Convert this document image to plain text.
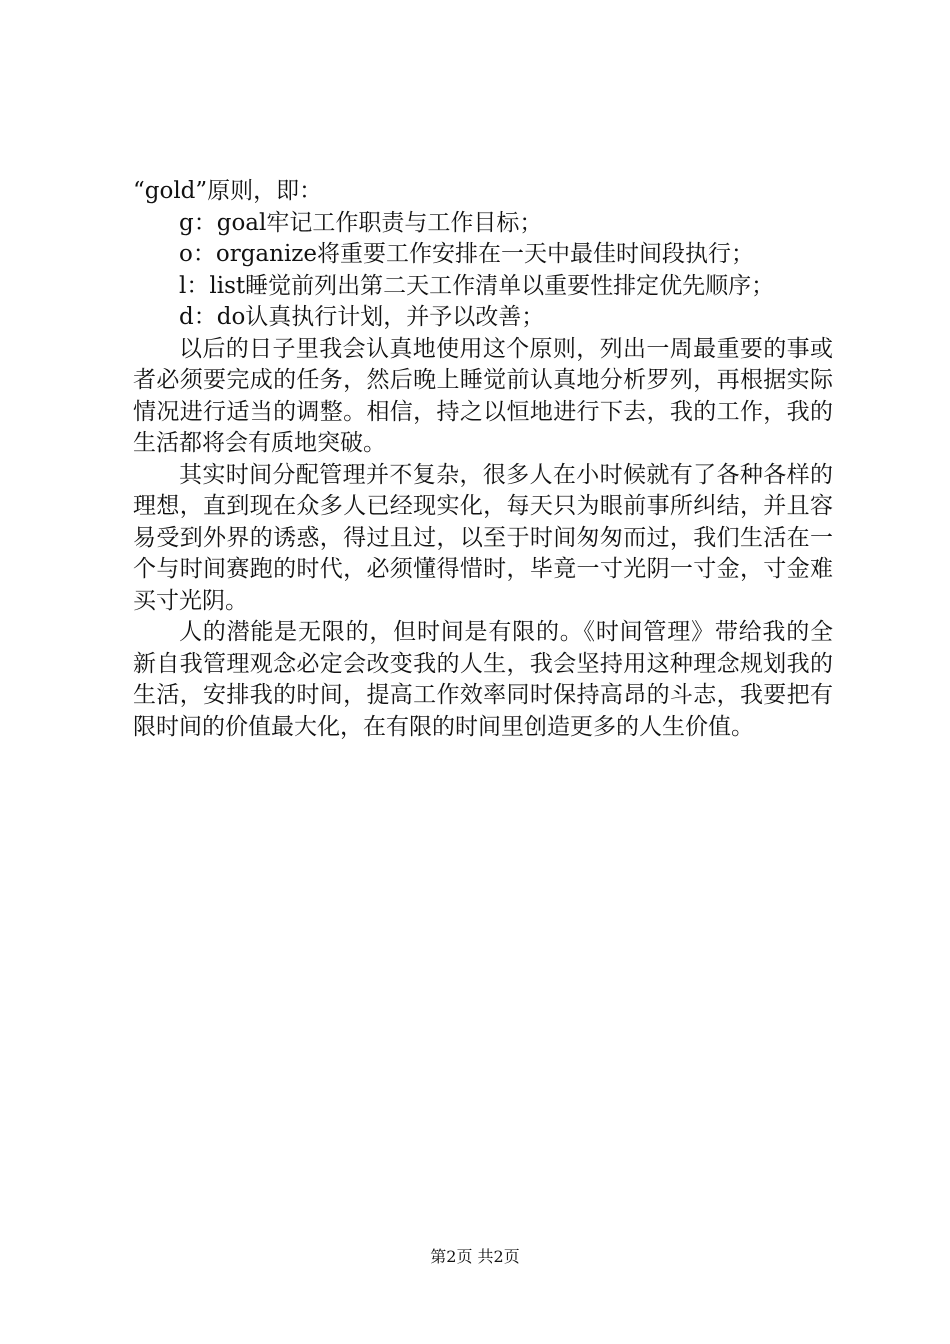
“gold”原则，即：

g：goal牢记工作职责与工作目标；

o：organize将重要工作安排在一天中最佳时间段执行；

l：list睡觉前列出第二天工作清单以重要性排定优先顺序；

d：do认真执行计划，并予以改善；

以后的日子里我会认真地使用这个原则，列出一周最重要的事或者必须要完成的任务，然后晚上睡觉前认真地分析罗列，再根据实际情况进行适当的调整。相信，持之以恒地进行下去，我的工作，我的生活都将会有质地突破。

其实时间分配管理并不复杂，很多人在小时候就有了各种各样的理想，直到现在众多人已经现实化，每天只为眼前事所纠结，并且容易受到外界的诱惑，得过且过，以至于时间匆匆而过，我们生活在一个与时间赛跑的时代，必须懂得惜时，毕竟一寸光阴一寸金，寸金难买寸光阴。

人的潜能是无限的，但时间是有限的。《时间管理》带给我的全新自我管理观念必定会改变我的人生，我会坚持用这种理念规划我的生活，安排我的时间，提高工作效率同时保持高昂的斗志，我要把有限时间的价值最大化，在有限的时间里创造更多的人生价值。

第2页 共2页
